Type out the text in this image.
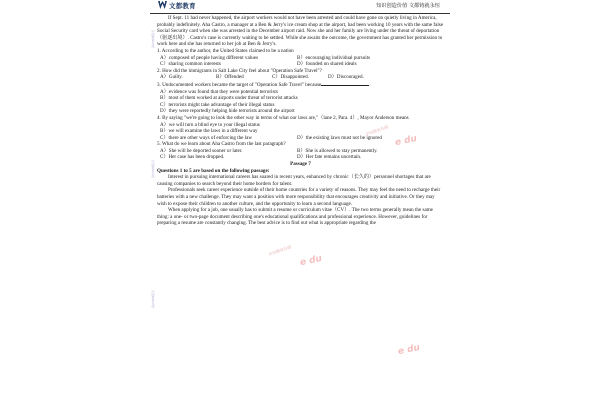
文都教育	知识创造价值 文都铸就永恒

If Sept. 11 had never happened, the airport workers would not have been arrested and could have gone on quietly living in America, probably indefinitely. Aha Castro, a manager at a Ben & Jerry's ice cream shop at the airport, had been working 10 years with the same false Social Security card when she was arrested in the December airport raid. Now she and her family are living under the threat of deportation（驱逐出境）. Castro's case is currently waiting to be settled. While she awaits the outcome, the government has granted her permission to work here and she has returned to her job at Ben & Jerry's.

1. According to the author, the United States claimed to be a nation

A）composed of people having different values	B）encouraging individual pursuits
C）sharing common interests	D）founded on shared ideals

2. How did the immigrants in Salt Lake City feel about "Operation Safe Travel"?

A）Guilty.	B）Offended	C）Disappointed.	D）Discouraged.

3. Undocumented workers became the target of "Operation Safe Travel" because	.

A）evidence was found that they were potential terrorists

B）most of them worked at airports under threat of terrorist attacks

C）terrorists might take advantage of their illegal status

D）they were reportedly helping hide terrorists around the airport

4. By saying "we're going to look the other way in terms of what our laws are,"（lane 2, Para. 4）, Mayor Anderson means

A）we will turn a blind eye to your illegal status

B）we will examine the laws in a different way

C）there are other ways of enforcing the law	D）the existing laws must not be ignored

5. What do we learn about Aha Castro from the last paragraph?

A）She will be deported sooner or later.	B）She is allowed to stay permanently.
C）Her case has been dropped.	D）Her fate remains uncertain.

Passage 7

Questions 1 to 5 are based on the following passage:

Interest in pursuing international careers has soared in recent years, enhanced by chronic（长久的）personnel shortages that are causing companies to search beyond their home borders for talent.

Professionals seek career experience outside of their home countries for a variety of reasons. They may feel the need to recharge their batteries with a new challenge. They may want a position with more responsibility that encourages creativity and initiative. Or they may wish to expose their children to another culture, and the opportunity to learn a second language.

When applying for a job, one usually has to submit a resume or curriculum vitae（CV）. The two terms generally mean the same thing: a one- or two-page document describing one's educational qualifications and professional experience. However, guidelines for preparing a resume are constantly changing. The best advice is to find out what is appropriate regarding the

中国教育在线
中国教育在线
中国教育在线
中国教育在线
中国教育在线
e du
e du
e du
